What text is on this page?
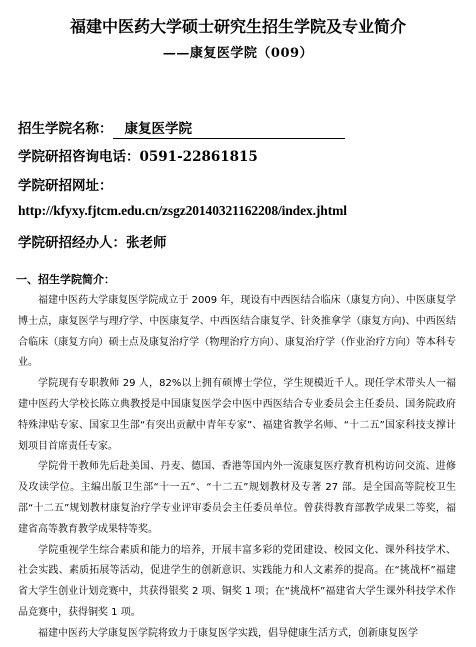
福建中医药大学硕士研究生招生学院及专业简介
——康复医学院（009）
招生学院名称： 康复医学院
学院研招咨询电话：0591-22861815
学院研招网址：
http://kfyxy.fjtcm.edu.cn/zsgz20140321162208/index.jhtml
学院研招经办人：张老师
一、招生学院简介：

福建中医药大学康复医学院成立于 2009 年，现设有中西医结合临床（康复方向）、中医康复学博士点，康复医学与理疗学、中医康复学、中西医结合康复学、针灸推拿学（康复方向)、中西医结合临床（康复方向）硕士点及康复治疗学（物理治疗方向）、康复治疗学（作业治疗方向）等本科专业。

学院现有专职教师 29 人，82%以上拥有硕博士学位，学生规模近千人。现任学术带头人一福建中医药大学校长陈立典教授是中国康复医学会中医中西医结合专业委员会主任委员、国务院政府特殊津贴专家、国家卫生部“有突出贡献中青年专家”、福建省教学名师、“十二五”国家科技支撑计划项目首席责任专家。

学院骨干教师先后赴美国、丹麦、德国、香港等国内外一流康复医疗教育机构访问交流、进修及攻读学位。主编出版卫生部“十一五”、“十二五”规划教材及专著 27 部。是全国高等院校卫生部“十二五”规划教材康复治疗学专业评审委员会主任委员单位。曾获得教育部教学成果二等奖，福建省高等教育教学成果特等奖。

学院重视学生综合素质和能力的培养，开展丰富多彩的党团建设、校园文化、课外科技学术、社会实践、素质拓展等活动，促进学生的创新意识、实践能力和人文素养的提高。在“挑战杯”福建省大学生创业计划竞赛中，共获得银奖 2 项、铜奖 1 项；在“挑战杯”福建省大学生课外科技学术作品竞赛中，获得铜奖 1 项。

福建中医药大学康复医学院将致力于康复医学实践，倡导健康生活方式，创新康复医学
